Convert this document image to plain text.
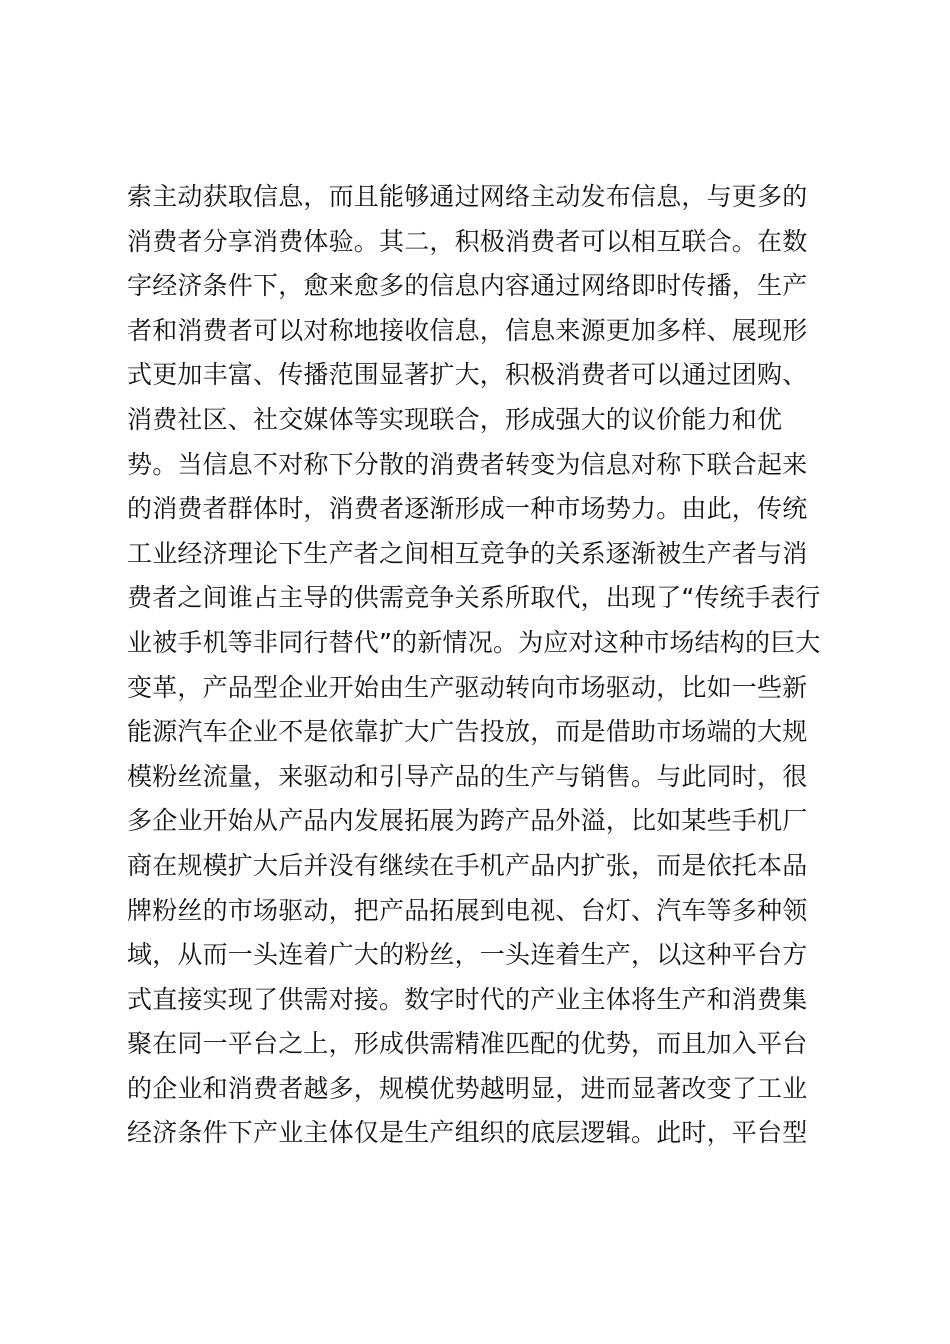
索主动获取信息，而且能够通过网络主动发布信息，与更多的
消费者分享消费体验。其二，积极消费者可以相互联合。在数
字经济条件下，愈来愈多的信息内容通过网络即时传播，生产
者和消费者可以对称地接收信息，信息来源更加多样、展现形
式更加丰富、传播范围显著扩大，积极消费者可以通过团购、
消费社区、社交媒体等实现联合，形成强大的议价能力和优
势。当信息不对称下分散的消费者转变为信息对称下联合起来
的消费者群体时，消费者逐渐形成一种市场势力。由此，传统
工业经济理论下生产者之间相互竞争的关系逐渐被生产者与消
费者之间谁占主导的供需竞争关系所取代，出现了“传统手表行
业被手机等非同行替代”的新情况。为应对这种市场结构的巨大
变革，产品型企业开始由生产驱动转向市场驱动，比如一些新
能源汽车企业不是依靠扩大广告投放，而是借助市场端的大规
模粉丝流量，来驱动和引导产品的生产与销售。与此同时，很
多企业开始从产品内发展拓展为跨产品外溢，比如某些手机厂
商在规模扩大后并没有继续在手机产品内扩张，而是依托本品
牌粉丝的市场驱动，把产品拓展到电视、台灯、汽车等多种领
域，从而一头连着广大的粉丝，一头连着生产，以这种平台方
式直接实现了供需对接。数字时代的产业主体将生产和消费集
聚在同一平台之上，形成供需精准匹配的优势，而且加入平台
的企业和消费者越多，规模优势越明显，进而显著改变了工业
经济条件下产业主体仅是生产组织的底层逻辑。此时，平台型
